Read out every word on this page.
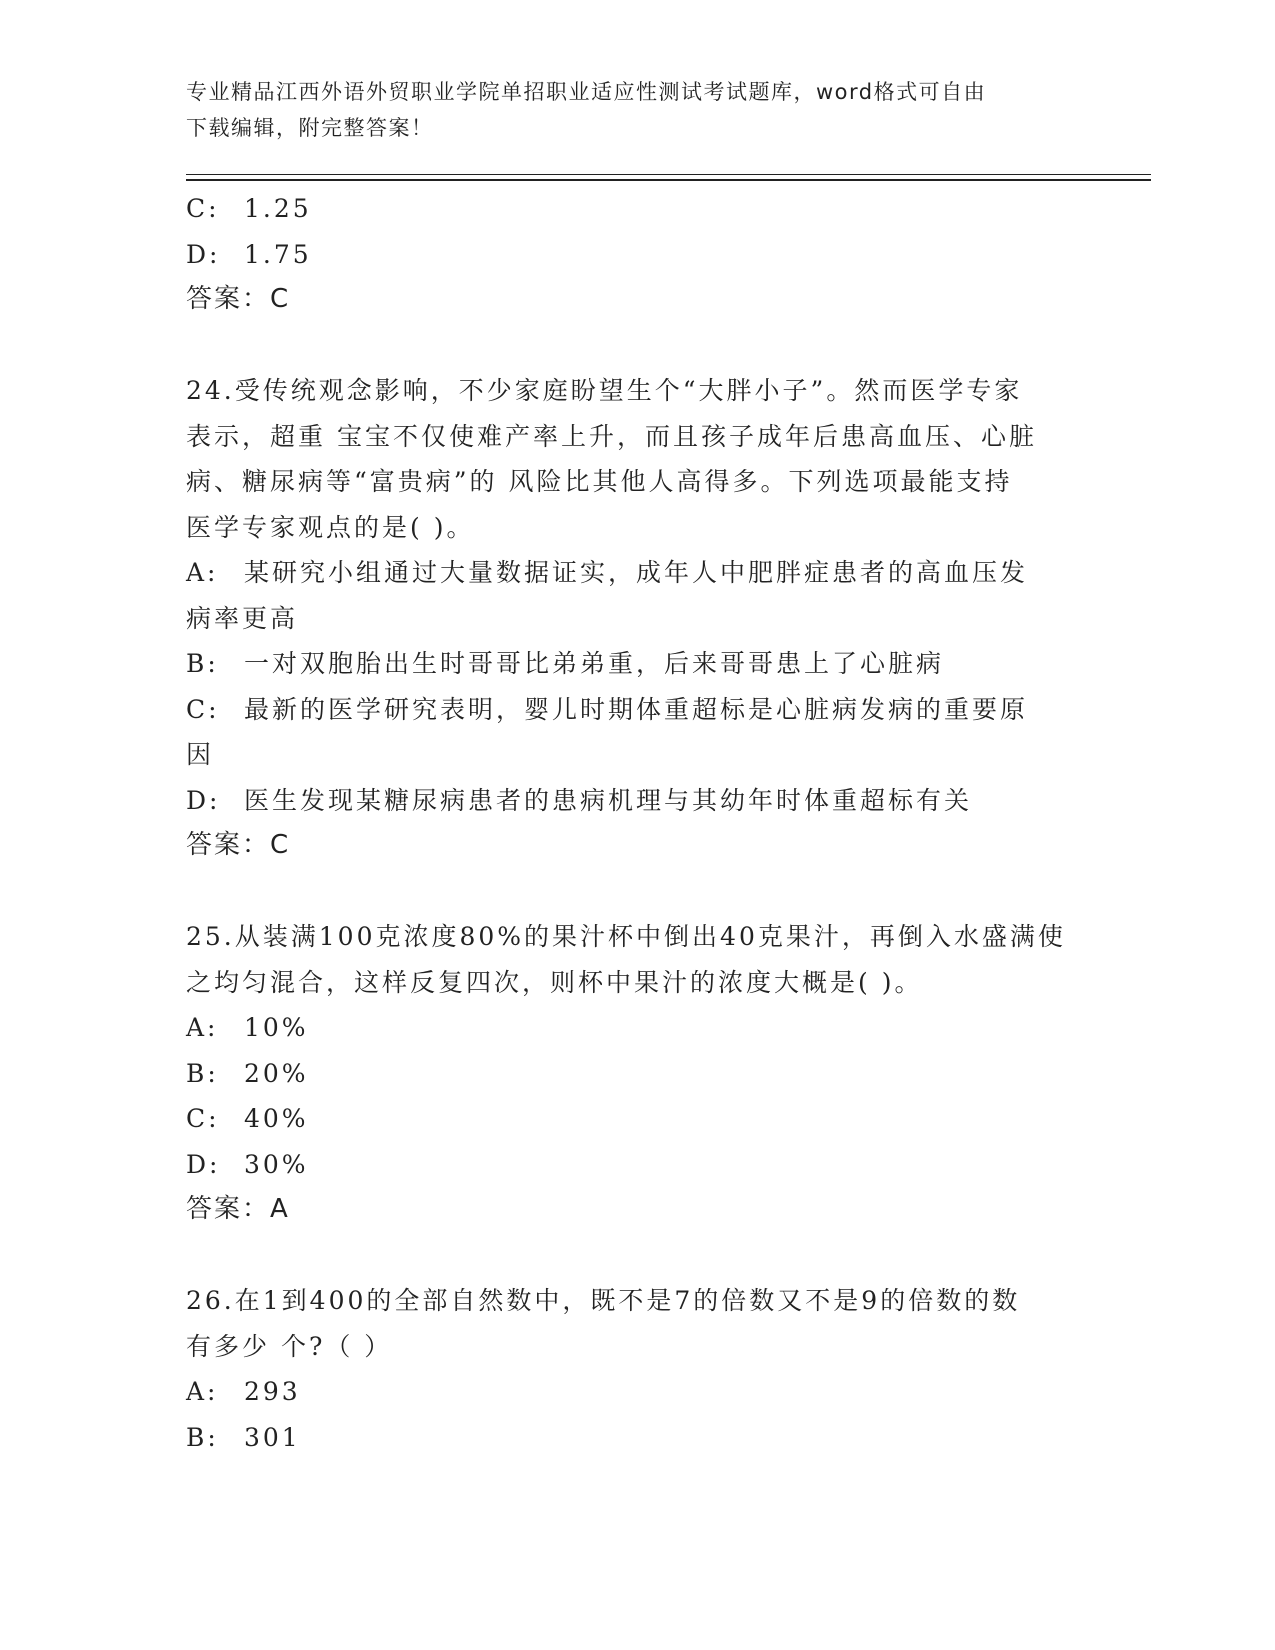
专业精品江西外语外贸职业学院单招职业适应性测试考试题库，word格式可自由
下载编辑，附完整答案！
C: 1.25
D: 1.75

答案：C

24.受传统观念影响，不少家庭盼望生个“大胖小子”。然而医学专家

表示，超重 宝宝不仅使难产率上升，而且孩子成年后患高血压、心脏

病、糖尿病等“富贵病”的 风险比其他人高得多。下列选项最能支持

医学专家观点的是( )。

A:	某研究小组通过大量数据证实，成年人中肥胖症患者的高血压发

病率更高

B:	一对双胞胎出生时哥哥比弟弟重，后来哥哥患上了心脏病
C: 最新的医学研究表明，婴儿时期体重超标是心脏病发病的重要原

因

D: 医生发现某糖尿病患者的患病机理与其幼年时体重超标有关

答案：C

25.从装满100克浓度80%的果汁杯中倒出40克果汁，再倒入水盛满使

之均匀混合，这样反复四次，则杯中果汁的浓度大概是( )。

A:	10%
B:	20%
C: 40%
D: 30%

答案：A

26.在1到400的全部自然数中，既不是7的倍数又不是9的倍数的数

有多少 个?（ ）

A:	293
B:	301
